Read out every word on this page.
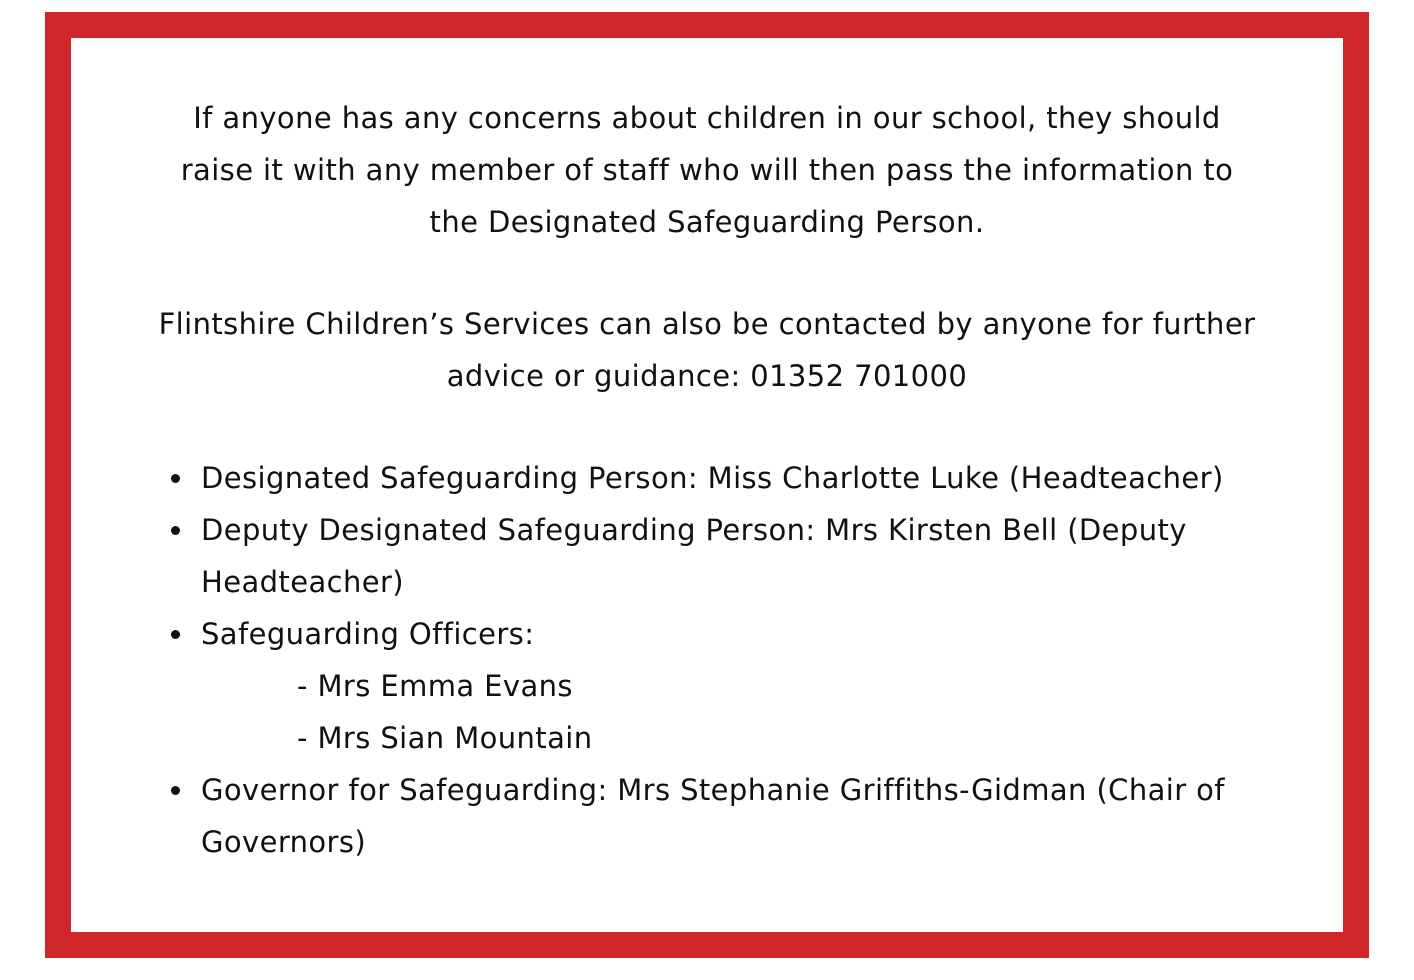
If anyone has any concerns about children in our school, they should
raise it with any member of staff who will then pass the information to
the Designated Safeguarding Person.

Flintshire Children’s Services can also be contacted by anyone for further
advice or guidance: 01352 701000

Designated Safeguarding Person: Miss Charlotte Luke (Headteacher)
Deputy Designated Safeguarding Person: Mrs Kirsten Bell (Deputy Headteacher)
Safeguarding Officers:
- Mrs Emma Evans
- Mrs Sian Mountain
Governor for Safeguarding: Mrs Stephanie Griffiths-Gidman (Chair of Governors)
